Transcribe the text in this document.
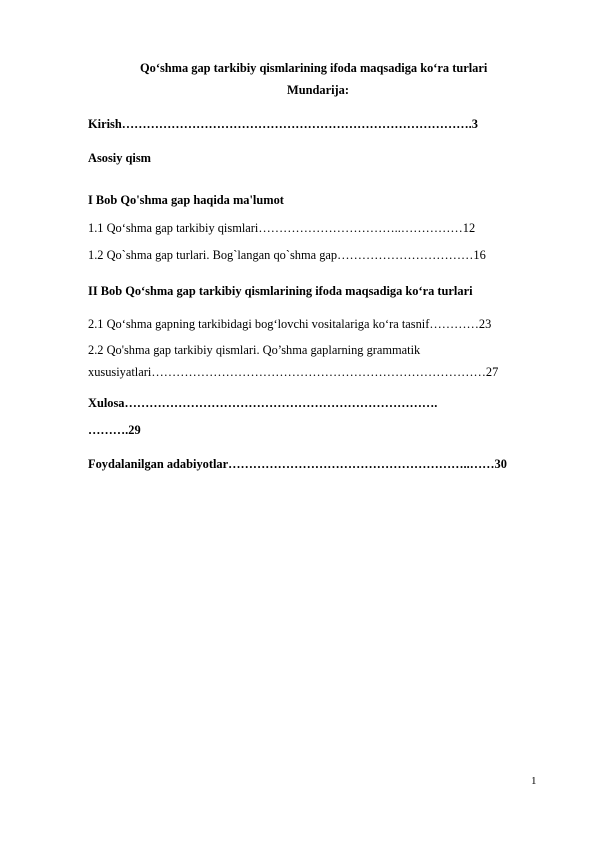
Qo‘shma gap tarkibiy qismlarining ifoda maqsadiga ko‘ra turlari
Mundarija:
Kirish………………………………………………………………………….3
Asosiy qism
I Bob Qo'shma gap haqida ma'lumot
1.1 Qo‘shma gap tarkibiy qismlari……………………………..……………12
1.2 Qo`shma gap turlari. Bog`langan qo`shma gap……………………………16
II Bob Qo‘shma gap tarkibiy qismlarining ifoda maqsadiga ko‘ra turlari
2.1 Qo‘shma gapning tarkibidagi bog‘lovchi vositalariga ko‘ra tasnif…………23
2.2 Qo'shma gap tarkibiy qismlari. Qo’shma gaplarning grammatik
xususiyatlari………………………………………………………………………27
Xulosa………………………………………………………………….
……….29
Foydalanilgan adabiyotlar…………………………………………………..……30
1
